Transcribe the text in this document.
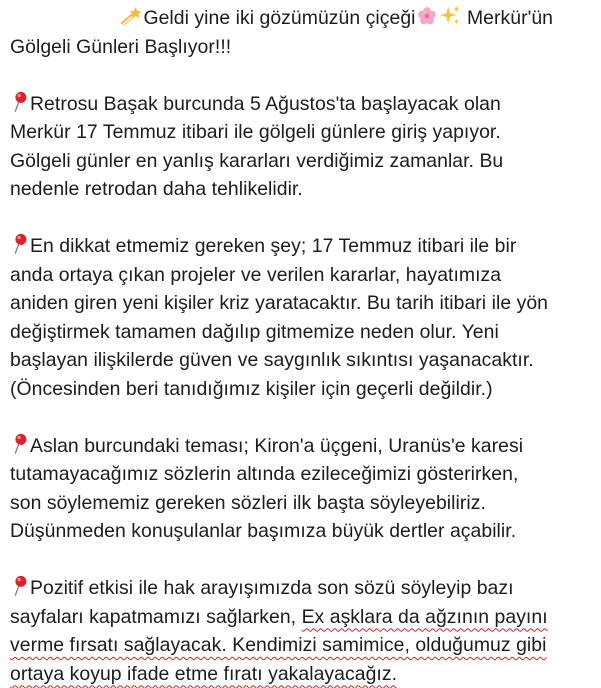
Geldi yine iki gözümüzün çiçeği Merkür'ün
Gölgeli Günleri Başlıyor!!!
Retrosu Başak burcunda 5 Ağustos'ta başlayacak olan
Merkür 17 Temmuz itibari ile gölgeli günlere giriş yapıyor.
Gölgeli günler en yanlış kararları verdiğimiz zamanlar. Bu
nedenle retrodan daha tehlikelidir.
En dikkat etmemiz gereken şey; 17 Temmuz itibari ile bir
anda ortaya çıkan projeler ve verilen kararlar, hayatımıza
aniden giren yeni kişiler kriz yaratacaktır. Bu tarih itibari ile yön
değiştirmek tamamen dağılıp gitmemize neden olur. Yeni
başlayan ilişkilerde güven ve saygınlık sıkıntısı yaşanacaktır.
(Öncesinden beri tanıdığımız kişiler için geçerli değildir.)
Aslan burcundaki teması; Kiron'a üçgeni, Uranüs'e karesi
tutamayacağımız sözlerin altında ezileceğimizi gösterirken,
son söylememiz gereken sözleri ilk başta söyleyebiliriz.
Düşünmeden konuşulanlar başımıza büyük dertler açabilir.
Pozitif etkisi ile hak arayışımızda son sözü söyleyip bazı
sayfaları kapatmamızı sağlarken, Ex aşklara da ağzının payını
verme fırsatı sağlayacak. Kendimizi samimice, olduğumuz gibi
ortaya koyup ifade etme fıratı yakalayacağız.
